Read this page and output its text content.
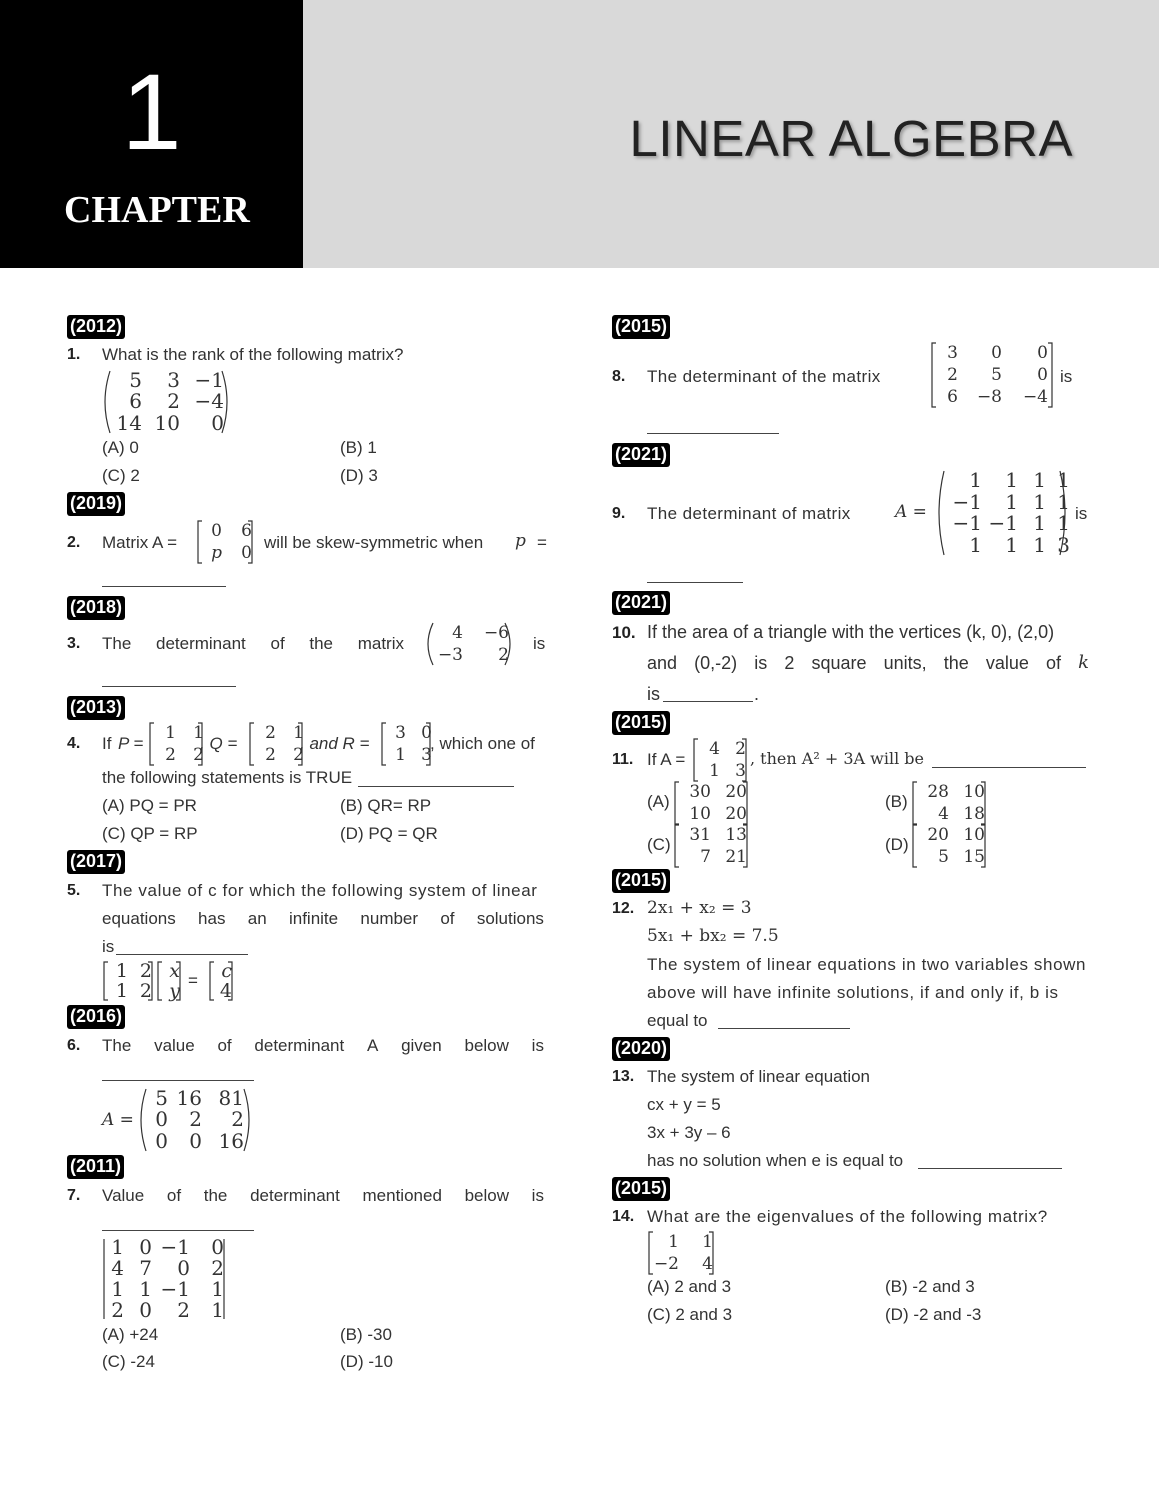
1
CHAPTER
LINEAR ALGEBRA
(2012)
1. What is the rank of the following matrix?
5	3 −1
6	2 −4
14 10	0
(A) 0	(B) 1
(C) 2	(D) 3
(2019)
2. Matrix A =
0	6
p	0
will be skew-symmetric when p =
(2018)
3. The determinant of the matrix
4	−6
−3	2
is
(2013)
4. If P =
1	1
2	2
, Q =
2	1
2	2
, and R =
3 0
1 3
, which one of
the following statements is TRUE
(A) PQ = PR	(B) QR= RP
(C) QP = RP	(D) PQ = QR
(2017)
5. The value of c for which the following system of linear
equations has an infinite number of solutions
is
1 2
1 2
x
y =	c
4
(2016)
6. The value of determinant A given below is
A =
5 16 81
0	2	2
0	0 16
(2011)
7. Value of the determinant mentioned below is
1 0 −1	0
4 7	0	2
1 1 −1	1
2 0	2	1
(A) +24	(B) -30
(C) -24	(D) -10
(2015)
8. The determinant of the matrix
3	0	0
2	5	0
6	−8	−4
is
(2021)
9. The determinant of matrix	A =
1	1 1 1
−1	1 1 1
−1 −1 1 1
1	1 1 3
is
(2021)
10. If the area of a triangle with the vertices (k, 0), (2,0)
and (0,-2) is 2 square units, the value of k
is	.
(2015)
11. If A =
4 2
1 3
, then A² + 3A will be
(A)	30 20
10 20
(B)	28 10
4 18
(C)	31 13
7 21
(D)	20 10
5 15
(2015)
12. 2x₁ + x₂ = 3
5x₁ + bx₂ = 7.5
The system of linear equations in two variables shown
above will have infinite solutions, if and only if, b is
equal to
(2020)
13. The system of linear equation
cx + y = 5
3x + 3y – 6
has no solution when e is equal to
(2015)
14. What are the eigenvalues of the following matrix?
1	1
−2	4
(A) 2 and 3	(B) -2 and 3
(C) 2 and 3	(D) -2 and -3
